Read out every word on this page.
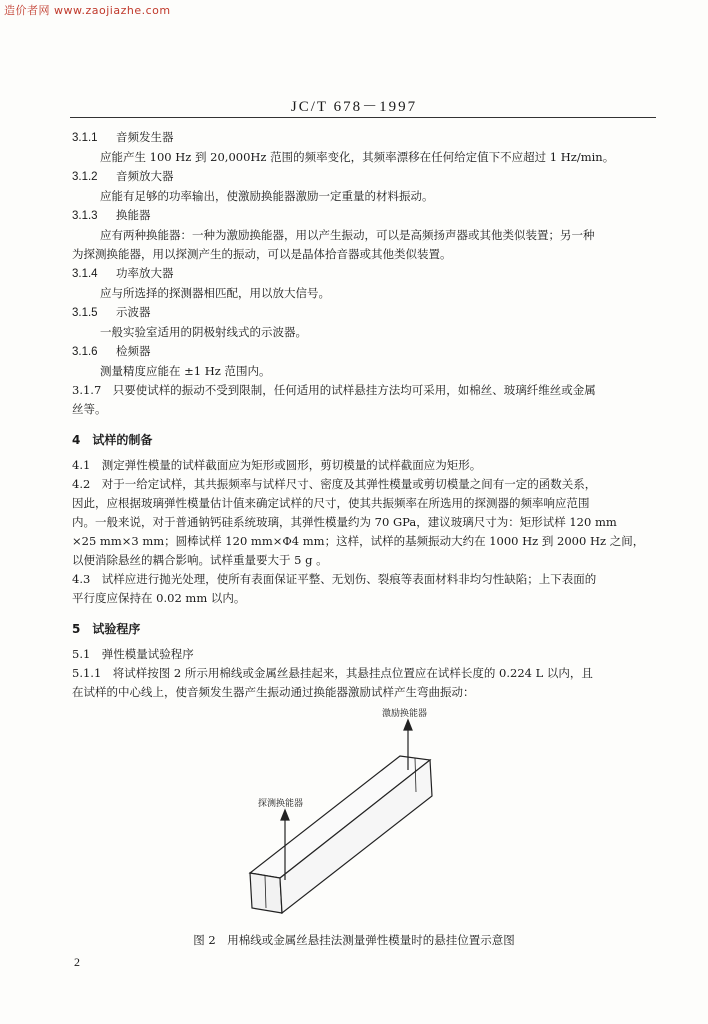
造价者网 www.zaojiazhe.com
JC/T 678－1997
3.1.1 音频发生器
应能产生 100 Hz 到 20,000Hz 范围的频率变化，其频率漂移在任何给定值下不应超过 1 Hz/min。
3.1.2 音频放大器
应能有足够的功率输出，使激励换能器激励一定重量的材料振动。
3.1.3 换能器
应有两种换能器：一种为激励换能器，用以产生振动，可以是高频扬声器或其他类似装置；另一种
为探测换能器，用以探测产生的振动，可以是晶体拾音器或其他类似装置。
3.1.4 功率放大器
应与所选择的探测器相匹配，用以放大信号。
3.1.5 示波器
一般实验室适用的阴极射线式的示波器。
3.1.6 检频器
测量精度应能在 ±1 Hz 范围内。
3.1.7　只要使试样的振动不受到限制，任何适用的试样悬挂方法均可采用，如棉丝、玻璃纤维丝或金属
丝等。
4　试样的制备
4.1　测定弹性模量的试样截面应为矩形或圆形，剪切模量的试样截面应为矩形。
4.2　对于一给定试样，其共振频率与试样尺寸、密度及其弹性模量或剪切模量之间有一定的函数关系，
因此，应根据玻璃弹性模量估计值来确定试样的尺寸，使其共振频率在所选用的探测器的频率响应范围
内。一般来说，对于普通钠钙硅系统玻璃，其弹性模量约为 70 GPa，建议玻璃尺寸为：矩形试样 120 mm
×25 mm×3 mm；圆棒试样 120 mm×Φ4 mm；这样，试样的基频振动大约在 1000 Hz 到 2000 Hz 之间，
以便消除悬丝的耦合影响。试样重量要大于 5 g 。
4.3　试样应进行抛光处理，使所有表面保证平整、无划伤、裂痕等表面材料非均匀性缺陷；上下表面的
平行度应保持在 0.02 mm 以内。
5　试验程序
5.1　弹性模量试验程序
5.1.1　将试样按图 2 所示用棉线或金属丝悬挂起来，其悬挂点位置应在试样长度的 0.224 L 以内，且
在试样的中心线上，使音频发生器产生振动通过换能器激励试样产生弯曲振动：
激励换能器
探测换能器
图 2　用棉线或金属丝悬挂法测量弹性模量时的悬挂位置示意图
2
